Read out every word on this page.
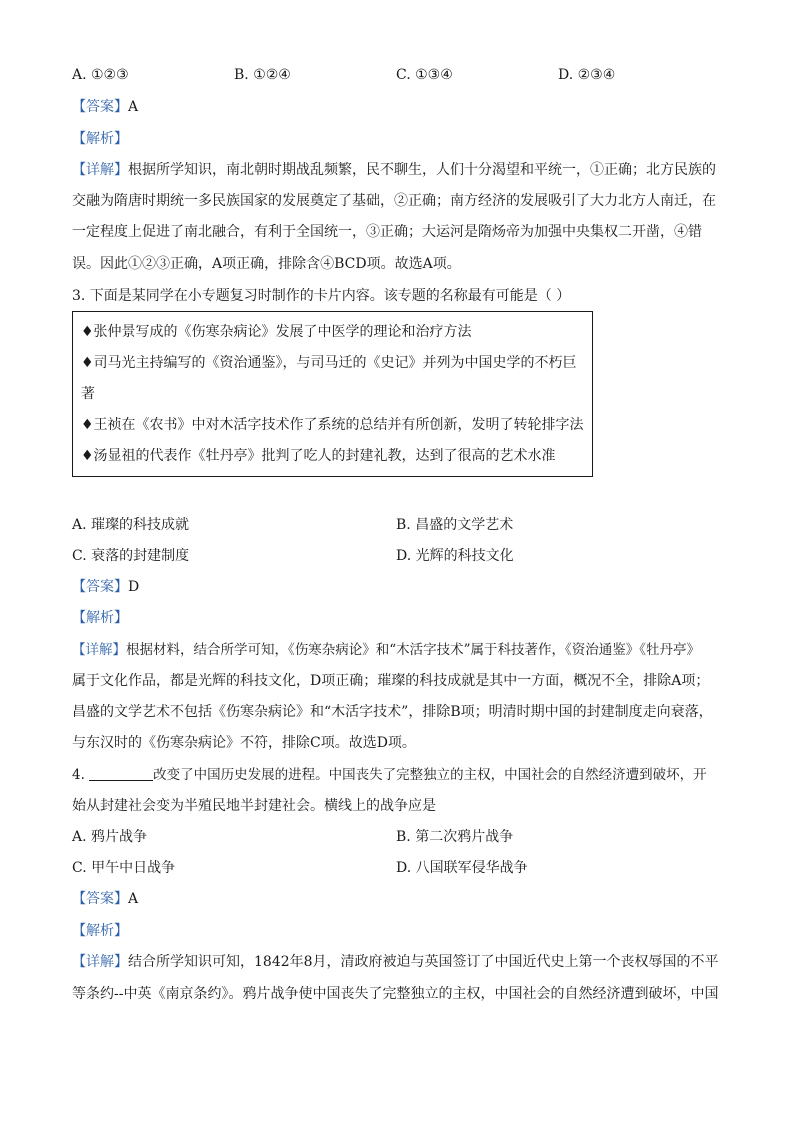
A. ①②③	B. ①②④	C. ①③④	D. ②③④
【答案】A
【解析】
【详解】根据所学知识，南北朝时期战乱频繁，民不聊生，人们十分渴望和平统一，①正确；北方民族的
交融为隋唐时期统一多民族国家的发展奠定了基础，②正确；南方经济的发展吸引了大力北方人南迁，在
一定程度上促进了南北融合，有利于全国统一，③正确；大运河是隋炀帝为加强中央集权二开凿，④错
误。因此①②③正确，A项正确，排除含④BCD项。故选A项。
3. 下面是某同学在小专题复习时制作的卡片内容。该专题的名称最有可能是（ ）
♦张仲景写成的《伤寒杂病论》发展了中医学的理论和治疗方法
♦司马光主持编写的《资治通鉴》，与司马迁的《史记》并列为中国史学的不朽巨
著
♦王祯在《农书》中对木活字技术作了系统的总结并有所创新，发明了转轮排字法
♦汤显祖的代表作《牡丹亭》批判了吃人的封建礼教，达到了很高的艺术水准
A. 璀璨的科技成就	B. 昌盛的文学艺术
C. 衰落的封建制度	D. 光辉的科技文化
【答案】D
【解析】
【详解】根据材料，结合所学可知，《伤寒杂病论》和“木活字技术”属于科技著作，《资治通鉴》《牡丹亭》
属于文化作品，都是光辉的科技文化，D项正确；璀璨的科技成就是其中一方面，概况不全，排除A项；
昌盛的文学艺术不包括《伤寒杂病论》和“木活字技术”，排除B项；明清时期中国的封建制度走向衰落，
与东汉时的《伤寒杂病论》不符，排除C项。故选D项。
4.	改变了中国历史发展的进程。中国丧失了完整独立的主权，中国社会的自然经济遭到破坏，开
始从封建社会变为半殖民地半封建社会。横线上的战争应是
A. 鸦片战争	B. 第二次鸦片战争
C. 甲午中日战争	D. 八国联军侵华战争
【答案】A
【解析】
【详解】结合所学知识可知，1842年8月，清政府被迫与英国签订了中国近代史上第一个丧权辱国的不平
等条约--中英《南京条约》。鸦片战争使中国丧失了完整独立的主权，中国社会的自然经济遭到破坏，中国
